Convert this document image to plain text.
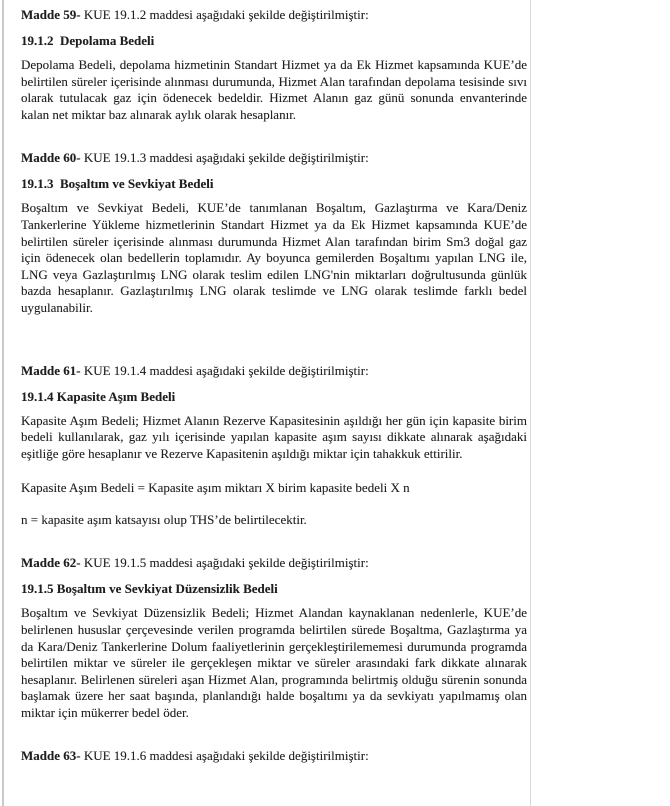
Madde 59- KUE 19.1.2 maddesi aşağıdaki şekilde değiştirilmiştir:

19.1.2  Depolama Bedeli

Depolama Bedeli, depolama hizmetinin Standart Hizmet ya da Ek Hizmet kapsamında KUE’de belirtilen süreler içerisinde alınması durumunda, Hizmet Alan tarafından depolama tesisinde sıvı olarak tutulacak gaz için ödenecek bedeldir. Hizmet Alanın gaz günü sonunda envanterinde kalan net miktar baz alınarak aylık olarak hesaplanır.

Madde 60- KUE 19.1.3 maddesi aşağıdaki şekilde değiştirilmiştir:

19.1.3  Boşaltım ve Sevkiyat Bedeli

Boşaltım ve Sevkiyat Bedeli, KUE’de tanımlanan Boşaltım, Gazlaştırma ve Kara/Deniz Tankerlerine Yükleme hizmetlerinin Standart Hizmet ya da Ek Hizmet kapsamında KUE’de belirtilen süreler içerisinde alınması durumunda Hizmet Alan tarafından birim Sm3 doğal gaz için ödenecek olan bedellerin toplamıdır. Ay boyunca gemilerden Boşaltımı yapılan LNG ile, LNG veya Gazlaştırılmış LNG olarak teslim edilen LNG'nin miktarları doğrultusunda günlük bazda hesaplanır. Gazlaştırılmış LNG olarak teslimde ve LNG olarak teslimde farklı bedel uygulanabilir.

Madde 61- KUE 19.1.4 maddesi aşağıdaki şekilde değiştirilmiştir:

19.1.4 Kapasite Aşım Bedeli

Kapasite Aşım Bedeli; Hizmet Alanın Rezerve Kapasitesinin aşıldığı her gün için kapasite birim bedeli kullanılarak, gaz yılı içerisinde yapılan kapasite aşım sayısı dikkate alınarak aşağıdaki eşitliğe göre hesaplanır ve Rezerve Kapasitenin aşıldığı miktar için tahakkuk ettirilir.

Kapasite Aşım Bedeli = Kapasite aşım miktarı X birim kapasite bedeli X n

n = kapasite aşım katsayısı olup THS’de belirtilecektir.

Madde 62- KUE 19.1.5 maddesi aşağıdaki şekilde değiştirilmiştir:

19.1.5 Boşaltım ve Sevkiyat Düzensizlik Bedeli

Boşaltım ve Sevkiyat Düzensizlik Bedeli; Hizmet Alandan kaynaklanan nedenlerle, KUE’de belirlenen hususlar çerçevesinde verilen programda belirtilen sürede Boşaltma, Gazlaştırma ya da Kara/Deniz Tankerlerine Dolum faaliyetlerinin gerçekleştirilememesi durumunda programda belirtilen miktar ve süreler ile gerçekleşen miktar ve süreler arasındaki fark dikkate alınarak hesaplanır. Belirlenen süreleri aşan Hizmet Alan, programında belirtmiş olduğu sürenin sonunda başlamak üzere her saat başında, planlandığı halde boşaltımı ya da sevkiyatı yapılmamış olan miktar için mükerrer bedel öder.

Madde 63- KUE 19.1.6 maddesi aşağıdaki şekilde değiştirilmiştir:
